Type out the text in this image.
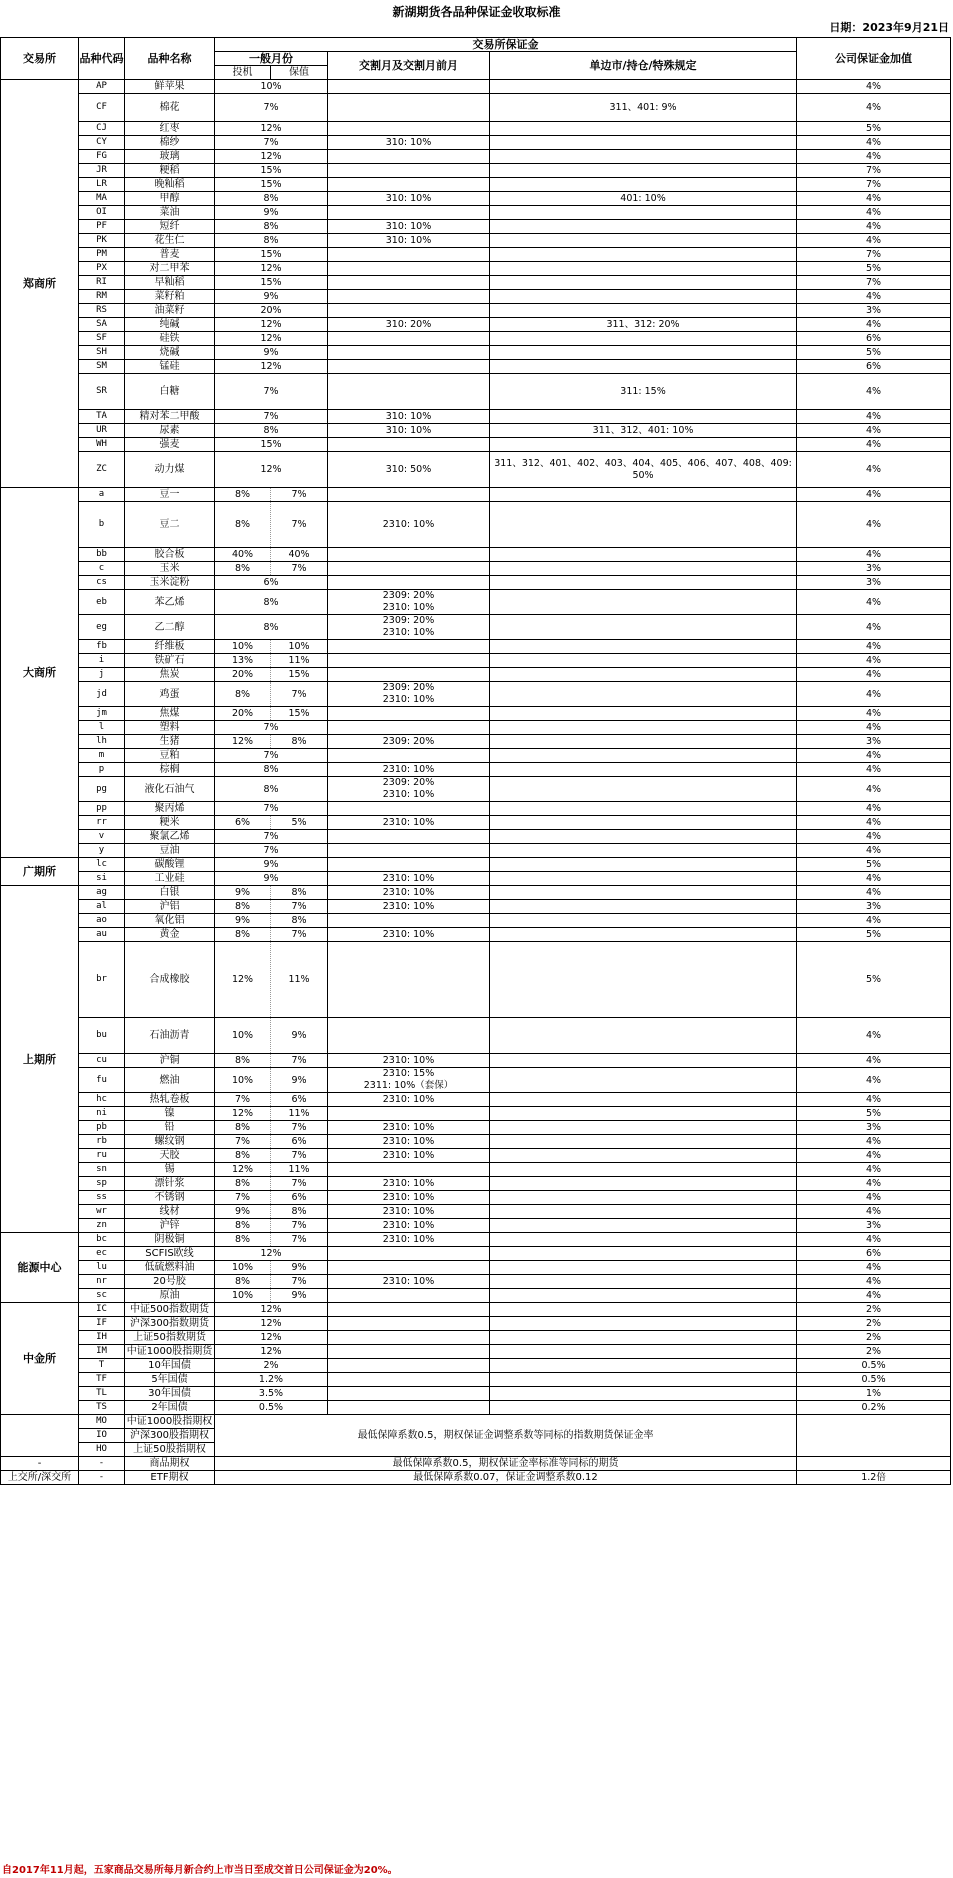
新湖期货各品种保证金收取标准
日期：2023年9月21日
交易所	品种代码	品种名称	交易所保证金				公司保证金加值
			一般月份		交割月及交割月前月	单边市/持仓/特殊规定	
			投机	保值			
郑商所	AP	鲜苹果	10%				4%
	CF	棉花	7%			311、401: 9%	4%
	CJ	红枣	12%				5%
	CY	棉纱	7%		310: 10%		4%
	FG	玻璃	12%				4%
	JR	粳稻	15%				7%
	LR	晚籼稻	15%				7%
	MA	甲醇	8%		310: 10%	401: 10%	4%
	OI	菜油	9%				4%
	PF	短纤	8%		310: 10%		4%
	PK	花生仁	8%		310: 10%		4%
	PM	普麦	15%				7%
	PX	对二甲苯	12%				5%
	RI	早籼稻	15%				7%
	RM	菜籽粕	9%				4%
	RS	油菜籽	20%				3%
	SA	纯碱	12%		310: 20%	311、312: 20%	4%
	SF	硅铁	12%				6%
	SH	烧碱	9%				5%
	SM	锰硅	12%				6%
	SR	白糖	7%			311: 15%	4%
	TA	精对苯二甲酸	7%		310: 10%		4%
	UR	尿素	8%		310: 10%	311、312、401: 10%	4%
	WH	强麦	15%				4%
	ZC	动力煤	12%		310: 50%	311、312、401、402、403、404、405、406、407、408、409: 50%	4%
大商所	a	豆一	8%	7%			4%
	b	豆二	8%	7%	2310: 10%		4%
	bb	胶合板	40%	40%			4%
	c	玉米	8%	7%			3%
	cs	玉米淀粉	6%				3%
	eb	苯乙烯	8%		2309: 20%
2310: 10%		4%
	eg	乙二醇	8%		2309: 20%
2310: 10%		4%
	fb	纤维板	10%	10%			4%
	i	铁矿石	13%	11%			4%
	j	焦炭	20%	15%			4%
	jd	鸡蛋	8%	7%	2309: 20%
2310: 10%		4%
	jm	焦煤	20%	15%			4%
	l	塑料	7%				4%
	lh	生猪	12%	8%	2309: 20%		3%
	m	豆粕	7%				4%
	p	棕榈	8%		2310: 10%		4%
	pg	液化石油气	8%		2309: 20%
2310: 10%		4%
	pp	聚丙烯	7%				4%
	rr	粳米	6%	5%	2310: 10%		4%
	v	聚氯乙烯	7%				4%
	y	豆油	7%				4%
广期所	lc	碳酸锂	9%				5%
	si	工业硅	9%		2310: 10%		4%
上期所	ag	白银	9%	8%	2310: 10%		4%
	al	沪铝	8%	7%	2310: 10%		3%
	ao	氧化铝	9%	8%			4%
	au	黄金	8%	7%	2310: 10%		5%
	br	合成橡胶	12%	11%			5%
	bu	石油沥青	10%	9%			4%
	cu	沪铜	8%	7%	2310: 10%		4%
	fu	燃油	10%	9%	2310: 15%
2311: 10%（套保）		4%
	hc	热轧卷板	7%	6%	2310: 10%		4%
	ni	镍	12%	11%			5%
	pb	铅	8%	7%	2310: 10%		3%
	rb	螺纹钢	7%	6%	2310: 10%		4%
	ru	天胶	8%	7%	2310: 10%		4%
	sn	锡	12%	11%			4%
	sp	漂针浆	8%	7%	2310: 10%		4%
	ss	不锈钢	7%	6%	2310: 10%		4%
	wr	线材	9%	8%	2310: 10%		4%
	zn	沪锌	8%	7%	2310: 10%		3%
能源中心	bc	阴极铜	8%	7%	2310: 10%		4%
	ec	SCFIS欧线	12%				6%
	lu	低硫燃料油	10%	9%			4%
	nr	20号胶	8%	7%	2310: 10%		4%
	sc	原油	10%	9%			4%
中金所	IC	中证500指数期货	12%				2%
	IF	沪深300指数期货	12%				2%
	IH	上证50指数期货	12%				2%
	IM	中证1000股指期货	12%				2%
	T	10年国债	2%				0.5%
	TF	5年国债	1.2%				0.5%
	TL	30年国债	3.5%				1%
	TS	2年国债	0.5%				0.2%
	MO	中证1000股指期权	最低保障系数0.5，期权保证金调整系数等同标的指数期货保证金率				
	IO	沪深300股指期权					
	HO	上证50股指期权					
-	-	商品期权	最低保障系数0.5，期权保证金率标准等同标的期货				
上交所/深交所	-	ETF期权	最低保障系数0.07，保证金调整系数0.12				1.2倍
自2017年11月起，五家商品交易所每月新合约上市当日至成交首日公司保证金为20%。
